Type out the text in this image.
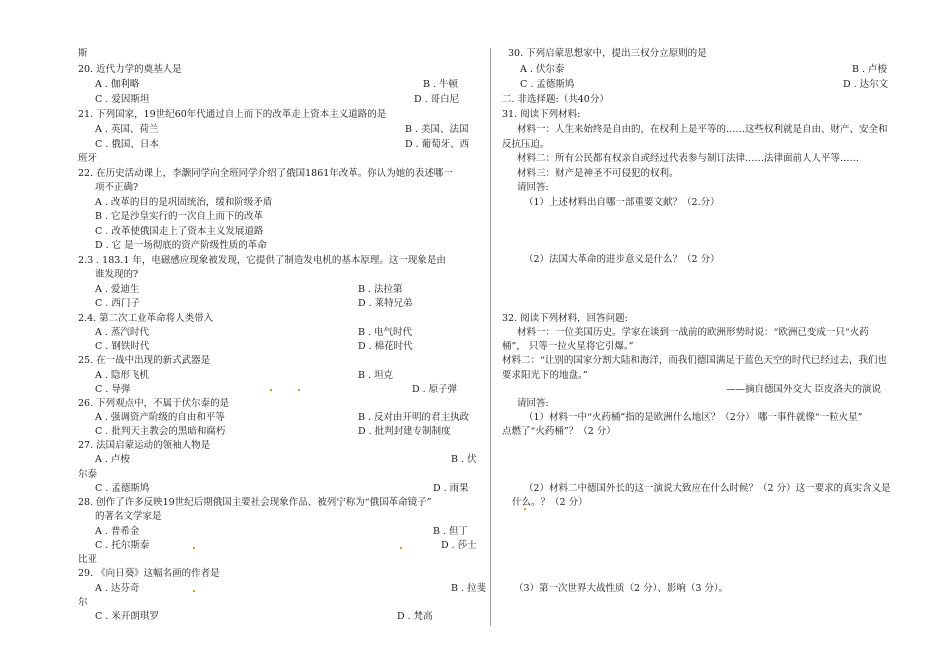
斯
20. 近代力学的奠基人是
A . 伽利略	B . 牛顿
C . 爱因斯坦	D . 哥白尼
21. 下列国家，19世纪60年代通过自上而下的改革走上资本主义道路的是
A . 英国、荷兰	B . 美国、法国
C . 俄国、日本	D . 葡萄牙、西
班牙
22. 在历史活动课上，李灏同学向全班同学介绍了俄国1861年改革。你认为她的表述哪一
项不正确?
A . 改革的目的是巩固统治，缓和阶级矛盾
B . 它是沙皇实行的一次自上而下的改革
C . 改革使俄国走上了资本主义发展道路
D . 它 是一场彻底的资产阶级性质的革命
2.3 . 183.1 年，电磁感应现象被发现，它提供了制造发电机的基本原理。这一现象是由
谁发现的?
A . 爱迪生	B . 法拉第
C . 西门子	D . 莱特兄弟
2.4. 第二次工业革命将人类带入
A . 蒸汽时代	B . 电气时代
C . 钢铁时代	D . 棉花时代
25. 在一战中出现的新式武器是
A . 隐形飞机	B . 坦克
C . 导弹	D . 原子弹
26. 下列观点中，不属于伏尔泰的是
A . 强调资产阶级的自由和平等	B . 反对由开明的君主执政
C . 批判天主教会的黑暗和腐朽	D . 批判封建专制制度
27. 法国启蒙运动的领袖人物是
A . 卢梭	B . 伏
尔泰
C . 孟德斯鸠	D . 雨果
28. 创作了许多反映19世纪后期俄国主要社会现象作品、被列宁称为“俄国革命镜子”
的著名文学家是
A . 普希金	B . 但丁
C . 托尔斯泰	D . 莎士
比亚
29. 《向日葵》这幅名画的作者是
A . 达芬奇	B . 拉斐
尔
C . 米开朗琪罗	D . 梵高
30. 下列启蒙思想家中，提出三权分立原则的是
A . 伏尔泰	B . 卢梭
C . 孟德斯鸠	D . 达尔文
二. 非选择题:（共40分）
31. 阅读下列材料:
材料一：人生来始终是自由的，在权利上是平等的……这些权利就是自由、财产、安全和
反抗压迫。
材料二：所有公民都有权亲自或经过代表参与制订法律……法律面前人人平等……
材料三：财产是神圣不可侵犯的权利。
请回答:
（1）上述材料出自哪一部重要文献？（2.分）
（2）法国大革命的进步意义是什么？（2 分）
32. 阅读下列材料，回答问题:
材料一：一位美国历史。学家在谈到一战前的欧洲形势时说：“欧洲已变成一只“火药
桶”， 只等一拉火星将它引爆。”
材料二：“让别的国家分割大陆和海洋，而我们德国满足于蓝色天空的时代已经过去，我们也
要求阳光下的地盘。”
——摘自德国外交大 臣皮洛夫的演说
请回答:
（1）材料一中“火药桶”指的是欧洲什么地区？（2分） 哪一事件就像“一粒火星”
点燃了“火药桶”？（2 分）
（2）材料二中德国外长的这一演说大致应在什么时候？（2 分）这一要求的真实含义是
什么。？（2 分）
（3）第一次世界大战性质（2 分）、影响（3 分）。
